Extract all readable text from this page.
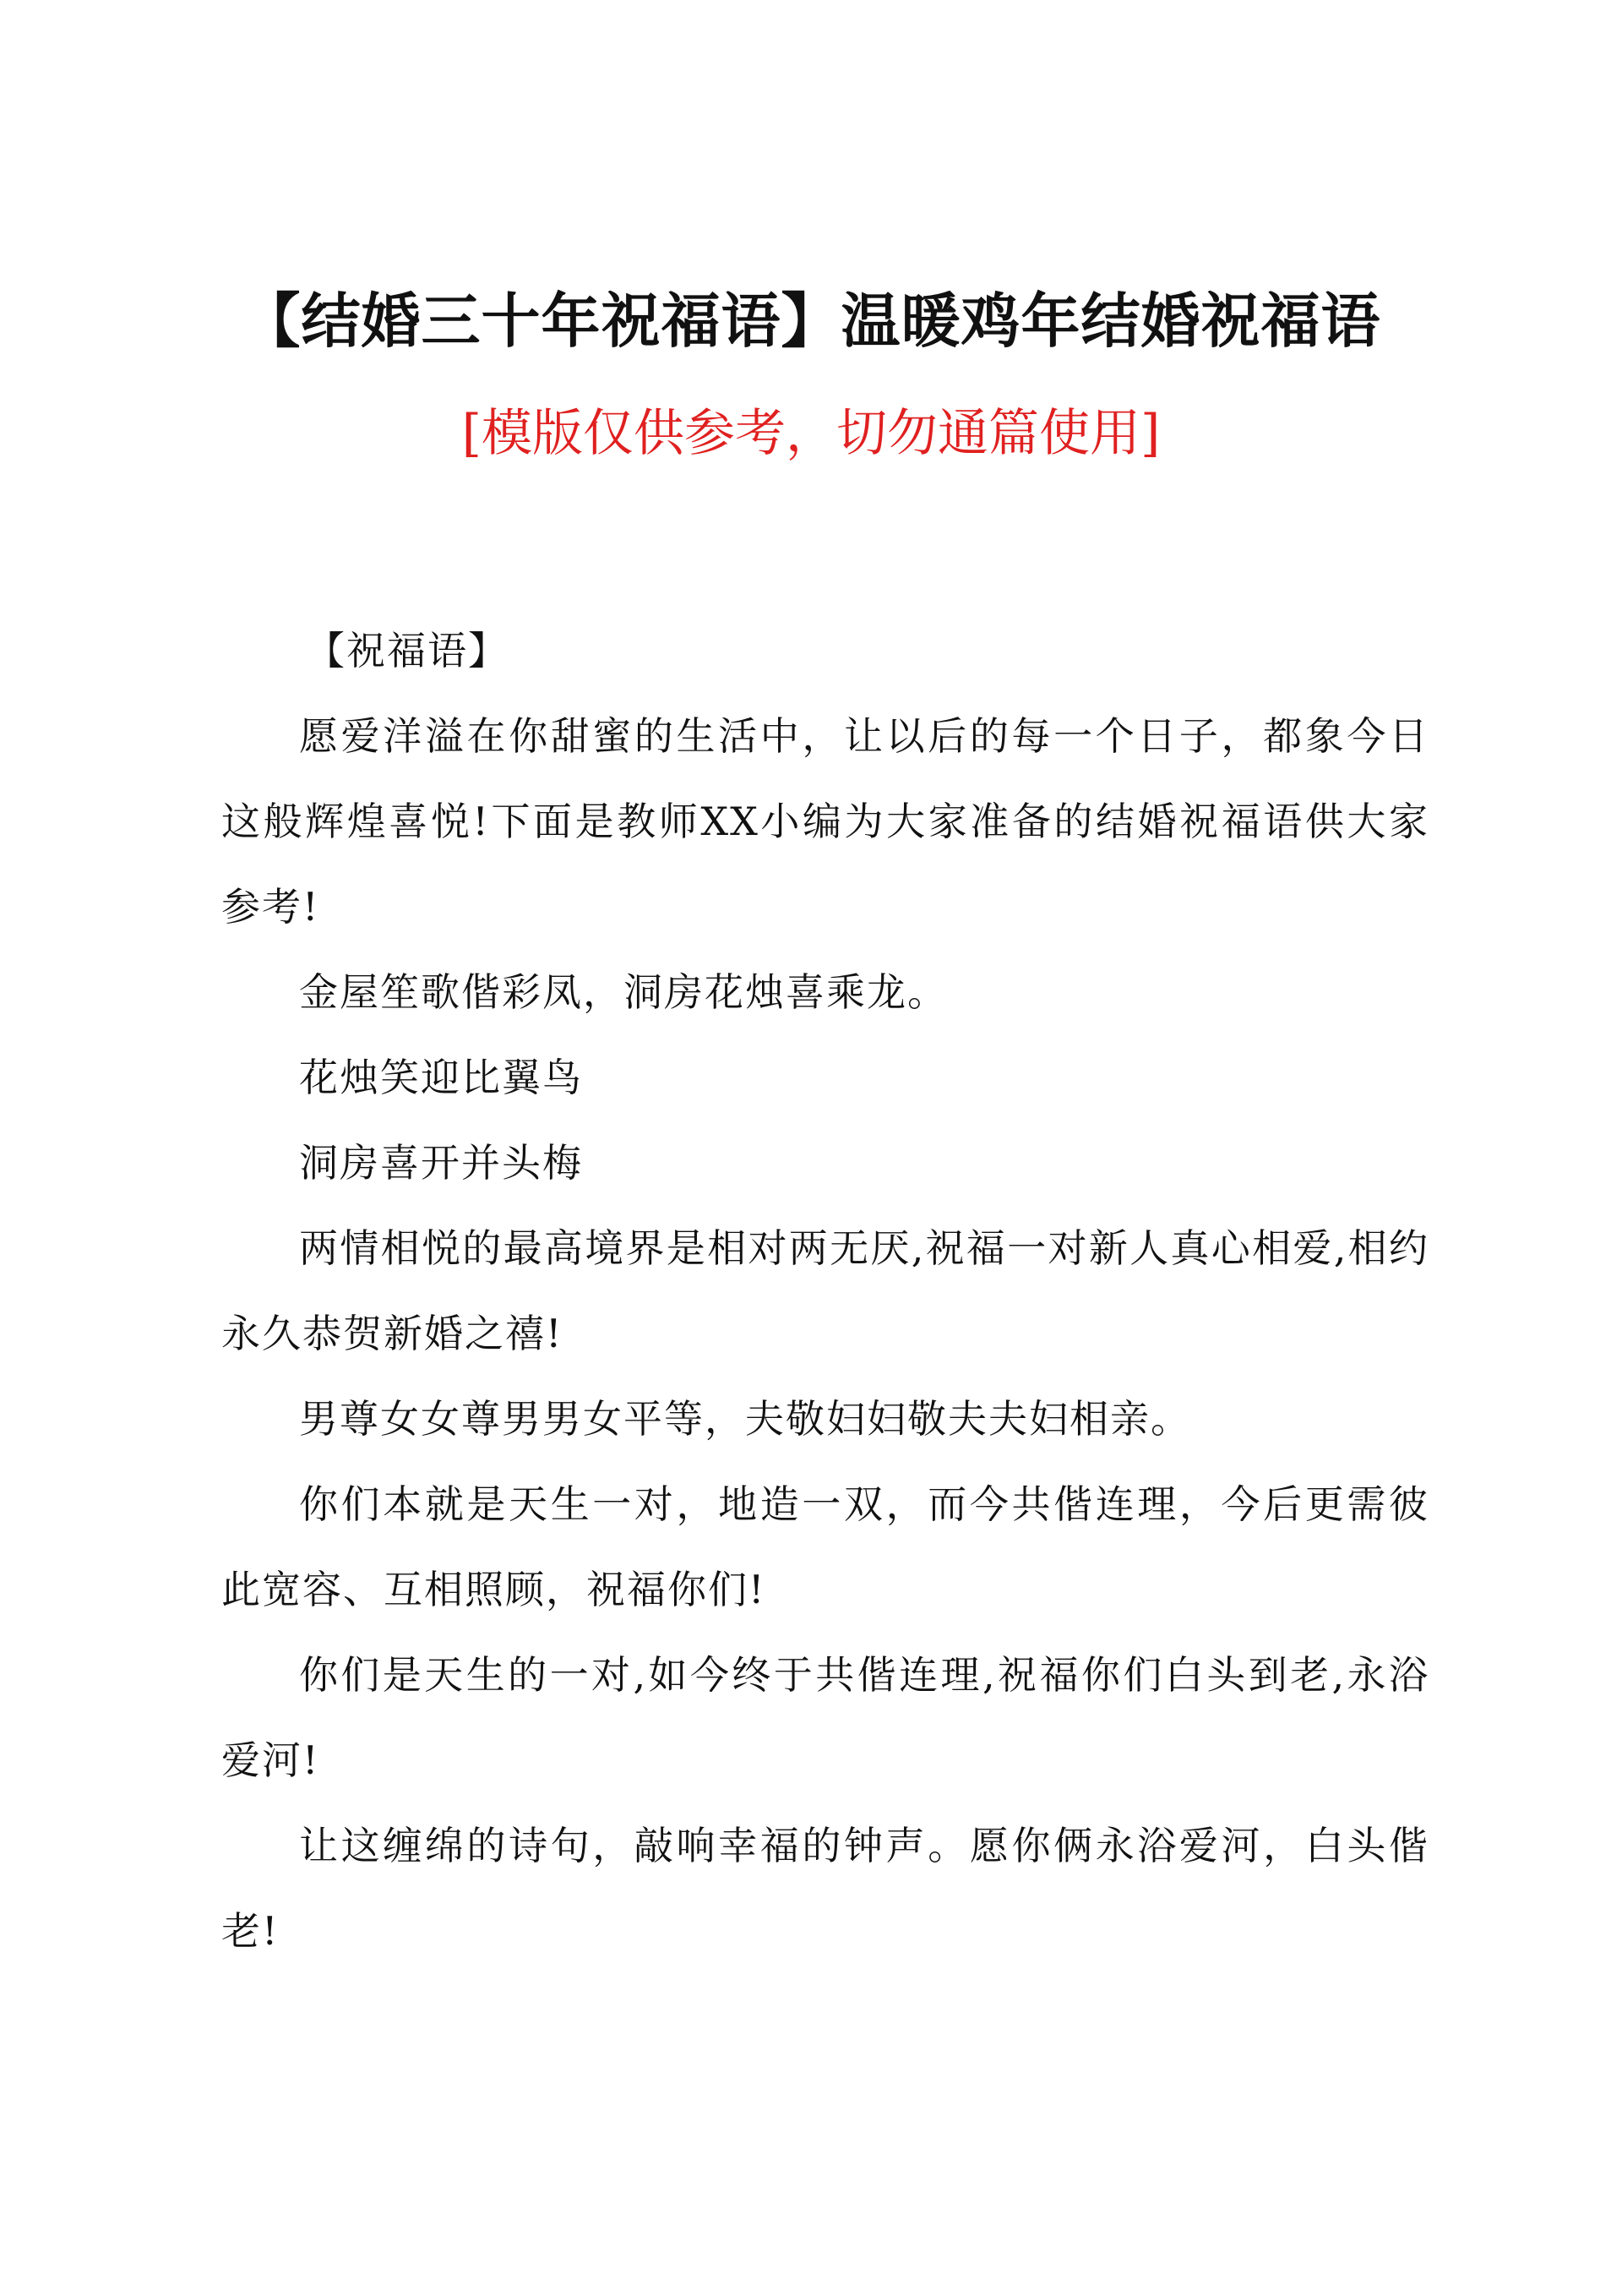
【结婚三十年祝福语】温暖鸡年结婚祝福语
[模版仅供参考，切勿通篇使用]

【祝福语】

愿爱洋溢在你甜蜜的生活中，让以后的每一个日子，都象今日这般辉煌喜悦!下面是教师XX小编为大家准备的结婚祝福语供大家参考!

金屋笙歌偕彩凤，洞房花烛喜乘龙。

花烛笑迎比翼鸟

洞房喜开并头梅

两情相悦的最高境界是相对两无厌,祝福一对新人真心相爱,相约永久恭贺新婚之禧!

男尊女女尊男男女平等，夫敬妇妇敬夫夫妇相亲。

你们本就是天生一对，地造一双，而今共偕连理，今后更需彼此宽容、互相照顾，祝福你们!

你们是天生的一对,如今终于共偕连理,祝福你们白头到老,永浴爱河!

让这缠绵的诗句，敲响幸福的钟声。愿你俩永浴爱河，白头偕老!
